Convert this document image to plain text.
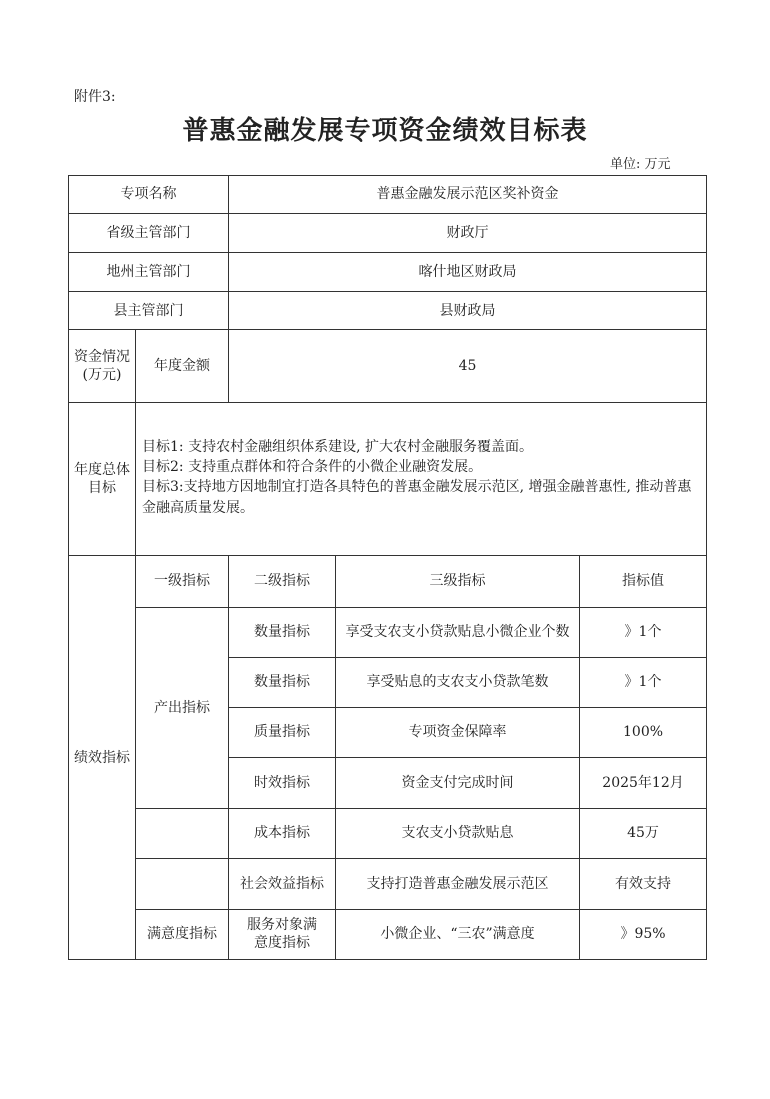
附件3:
普惠金融发展专项资金绩效目标表
单位: 万元
专项名称		普惠金融发展示范区奖补资金		
省级主管部门		财政厅		
地州主管部门		喀什地区财政局		
县主管部门		县财政局		
资金情况(万元)	年度金额	45		
年度总体目标	目标1: 支持农村金融组织体系建设, 扩大农村金融服务覆盖面。
目标2: 支持重点群体和符合条件的小微企业融资发展。
目标3:支持地方因地制宜打造各具特色的普惠金融发展示范区, 增强金融普惠性, 推动普惠金融高质量发展。			

绩效指标	一级指标	二级指标	三级指标	指标值
	产出指标	数量指标	享受支农支小贷款贴息小微企业个数	》1个
		数量指标	享受贴息的支农支小贷款笔数	》1个
		质量指标	专项资金保障率	100%
		时效指标	资金支付完成时间	2025年12月
		成本指标	支农支小贷款贴息	45万
		社会效益指标	支持打造普惠金融发展示范区	有效支持
	满意度指标	服务对象满意度指标	小微企业、“三农”满意度	》95%
